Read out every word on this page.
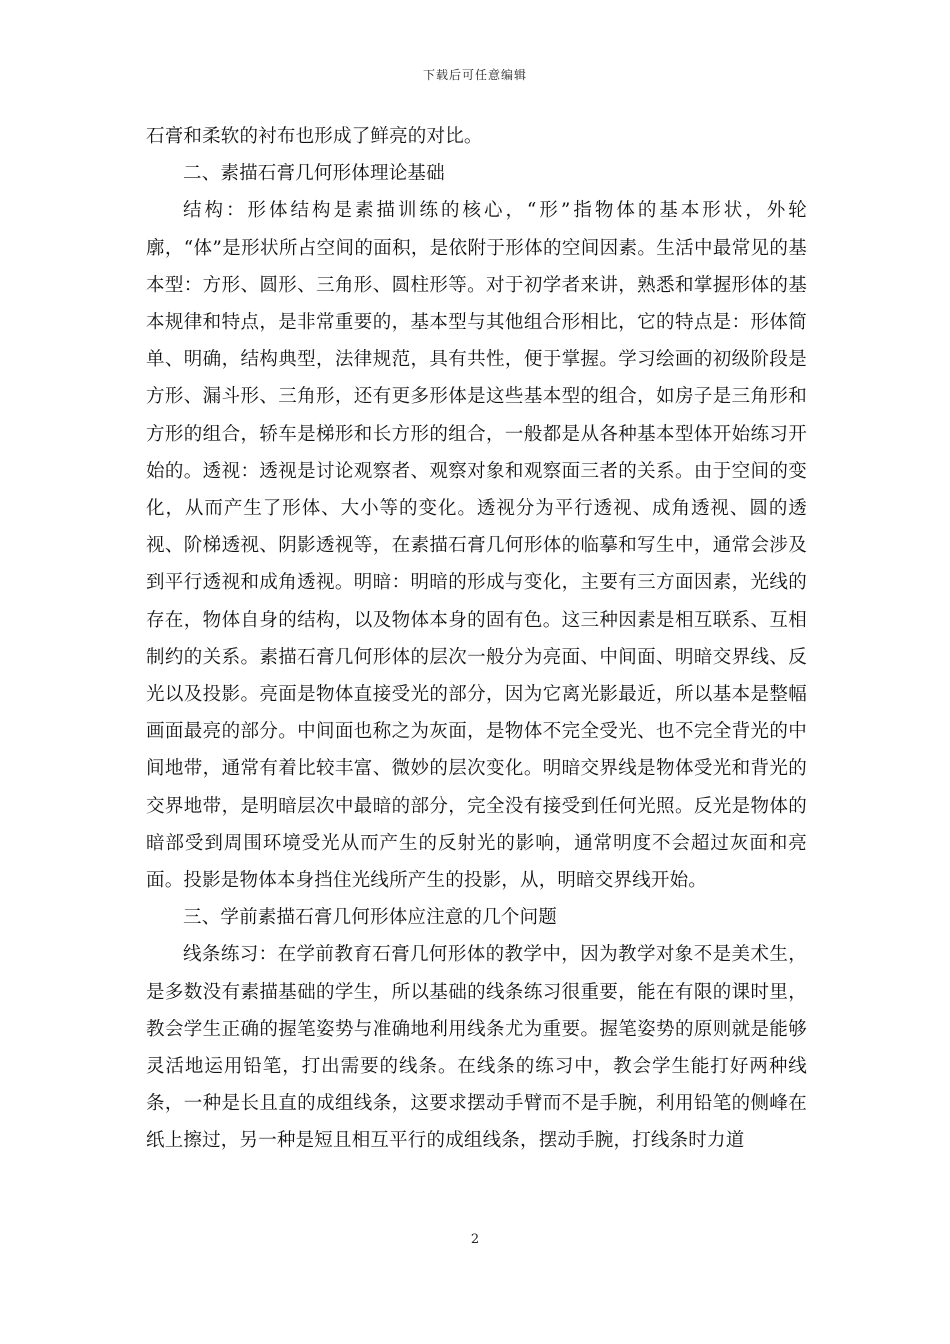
下载后可任意编辑

石膏和柔软的衬布也形成了鲜亮的对比。

二、素描石膏几何形体理论基础

结构：形体结构是素描训练的核心，“形”指物体的基本形状，外轮廓，“体”是形状所占空间的面积，是依附于形体的空间因素。生活中最常见的基本型：方形、圆形、三角形、圆柱形等。对于初学者来讲，熟悉和掌握形体的基本规律和特点，是非常重要的，基本型与其他组合形相比，它的特点是：形体简单、明确，结构典型，法律规范，具有共性，便于掌握。学习绘画的初级阶段是方形、漏斗形、三角形，还有更多形体是这些基本型的组合，如房子是三角形和方形的组合，轿车是梯形和长方形的组合，一般都是从各种基本型体开始练习开始的。透视：透视是讨论观察者、观察对象和观察面三者的关系。由于空间的变化，从而产生了形体、大小等的变化。透视分为平行透视、成角透视、圆的透视、阶梯透视、阴影透视等，在素描石膏几何形体的临摹和写生中，通常会涉及到平行透视和成角透视。明暗：明暗的形成与变化，主要有三方面因素，光线的存在，物体自身的结构，以及物体本身的固有色。这三种因素是相互联系、互相制约的关系。素描石膏几何形体的层次一般分为亮面、中间面、明暗交界线、反光以及投影。亮面是物体直接受光的部分，因为它离光影最近，所以基本是整幅画面最亮的部分。中间面也称之为灰面，是物体不完全受光、也不完全背光的中间地带，通常有着比较丰富、微妙的层次变化。明暗交界线是物体受光和背光的交界地带，是明暗层次中最暗的部分，完全没有接受到任何光照。反光是物体的暗部受到周围环境受光从而产生的反射光的影响，通常明度不会超过灰面和亮面。投影是物体本身挡住光线所产生的投影，从，明暗交界线开始。

三、学前素描石膏几何形体应注意的几个问题

线条练习：在学前教育石膏几何形体的教学中，因为教学对象不是美术生，是多数没有素描基础的学生，所以基础的线条练习很重要，能在有限的课时里，教会学生正确的握笔姿势与准确地利用线条尤为重要。握笔姿势的原则就是能够灵活地运用铅笔，打出需要的线条。在线条的练习中，教会学生能打好两种线条，一种是长且直的成组线条，这要求摆动手臂而不是手腕，利用铅笔的侧峰在纸上擦过，另一种是短且相互平行的成组线条，摆动手腕，打线条时力道

2
